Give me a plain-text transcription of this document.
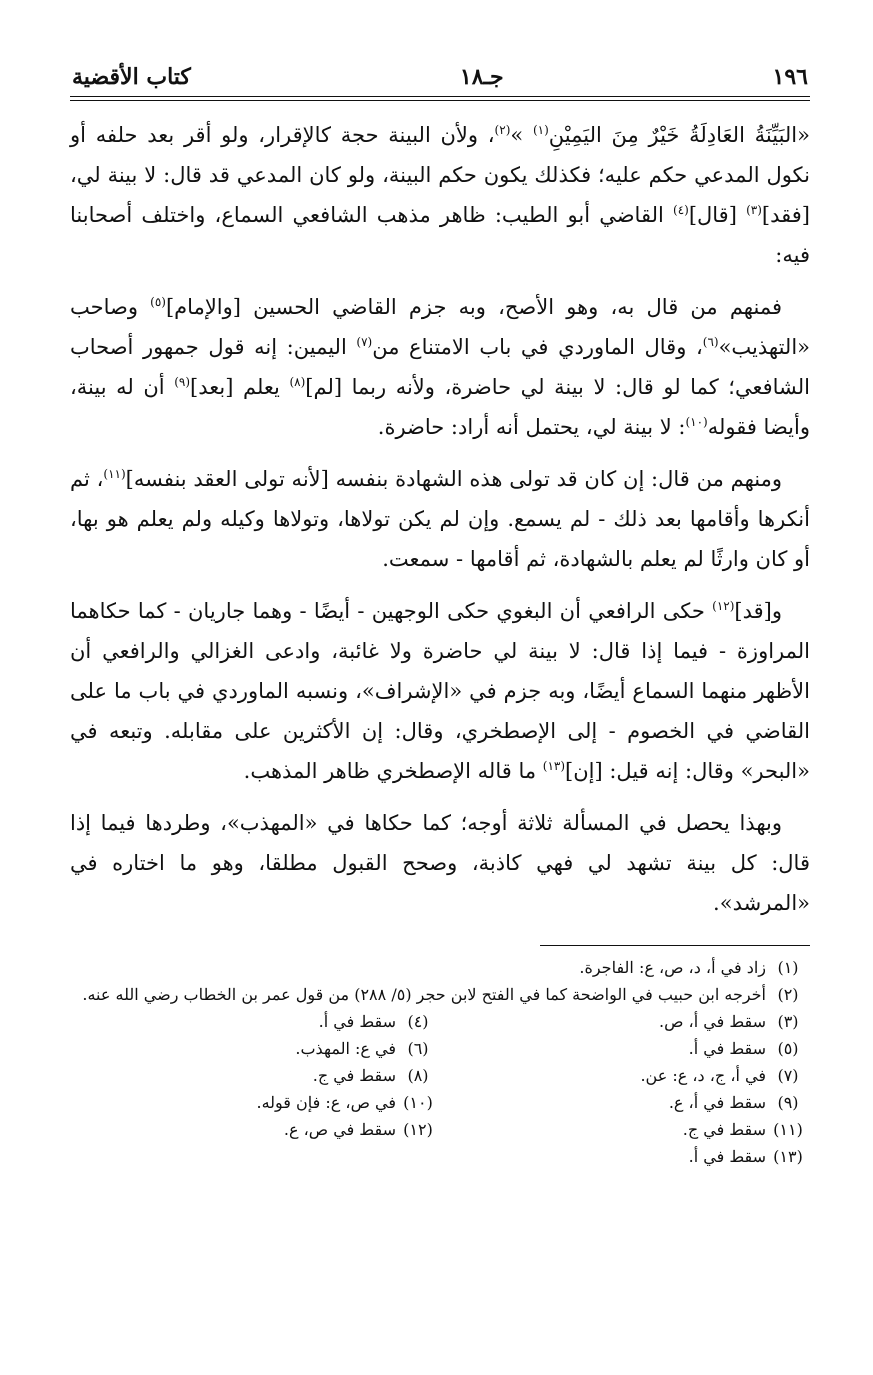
١٩٦
جـ١٨
كتاب الأقضية

«البَيِّنَةُ العَادِلَةُ خَيْرٌ مِنَ اليَمِيْنِ$^{(١)}$ »$^{(٢)}$، ولأن البينة حجة كالإقرار، ولو أقر بعد حلفه أو نكول المدعي حكم عليه؛ فكذلك يكون حكم البينة، ولو كان المدعي قد قال: لا بينة لي، [فقد]$^{(٣)}$ [قال]$^{(٤)}$ القاضي أبو الطيب: ظاهر مذهب الشافعي السماع، واختلف أصحابنا فيه:

فمنهم من قال به، وهو الأصح، وبه جزم القاضي الحسين [والإمام]$^{(٥)}$ وصاحب «التهذيب»$^{(٦)}$، وقال الماوردي في باب الامتناع من$^{(٧)}$ اليمين: إنه قول جمهور أصحاب الشافعي؛ كما لو قال: لا بينة لي حاضرة، ولأنه ربما [لم]$^{(٨)}$ يعلم [بعد]$^{(٩)}$ أن له بينة، وأيضا فقوله$^{(١٠)}$: لا بينة لي، يحتمل أنه أراد: حاضرة.

ومنهم من قال: إن كان قد تولى هذه الشهادة بنفسه [لأنه تولى العقد بنفسه]$^{(١١)}$، ثم أنكرها وأقامها بعد ذلك - لم يسمع. وإن لم يكن تولاها، وتولاها وكيله ولم يعلم هو بها، أو كان وارثًا لم يعلم بالشهادة، ثم أقامها - سمعت.

و[قد]$^{(١٢)}$ حكى الرافعي أن البغوي حكى الوجهين - أيضًا - وهما جاريان - كما حكاهما المراوزة - فيما إذا قال: لا بينة لي حاضرة ولا غائبة، وادعى الغزالي والرافعي أن الأظهر منهما السماع أيضًا، وبه جزم في «الإشراف»، ونسبه الماوردي في باب ما على القاضي في الخصوم - إلى الإصطخري، وقال: إن الأكثرين على مقابله. وتبعه في «البحر» وقال: إنه قيل: [إن]$^{(١٣)}$ ما قاله الإصطخري ظاهر المذهب.

وبهذا يحصل في المسألة ثلاثة أوجه؛ كما حكاها في «المهذب»، وطردها فيما إذا قال: كل بينة تشهد لي فهي كاذبة، وصحح القبول مطلقا، وهو ما اختاره في «المرشد».

(١)
زاد في أ، د، ص، ع: الفاجرة.
(٢)
أخرجه ابن حبيب في الواضحة كما في الفتح لابن حجر (٥/ ٢٨٨) من قول عمر بن الخطاب رضي الله عنه.
(٣)
سقط في أ، ص.
(٤)
سقط في أ.
(٥)
سقط في أ.
(٦)
في ع: المهذب.
(٧)
في أ، ج، د، ع: عن.
(٨)
سقط في ج.
(٩)
سقط في أ، ع.
(١٠)
في ص، ع: فإن قوله.
(١١)
سقط في ج.
(١٢)
سقط في ص، ع.
(١٣)
سقط في أ.
